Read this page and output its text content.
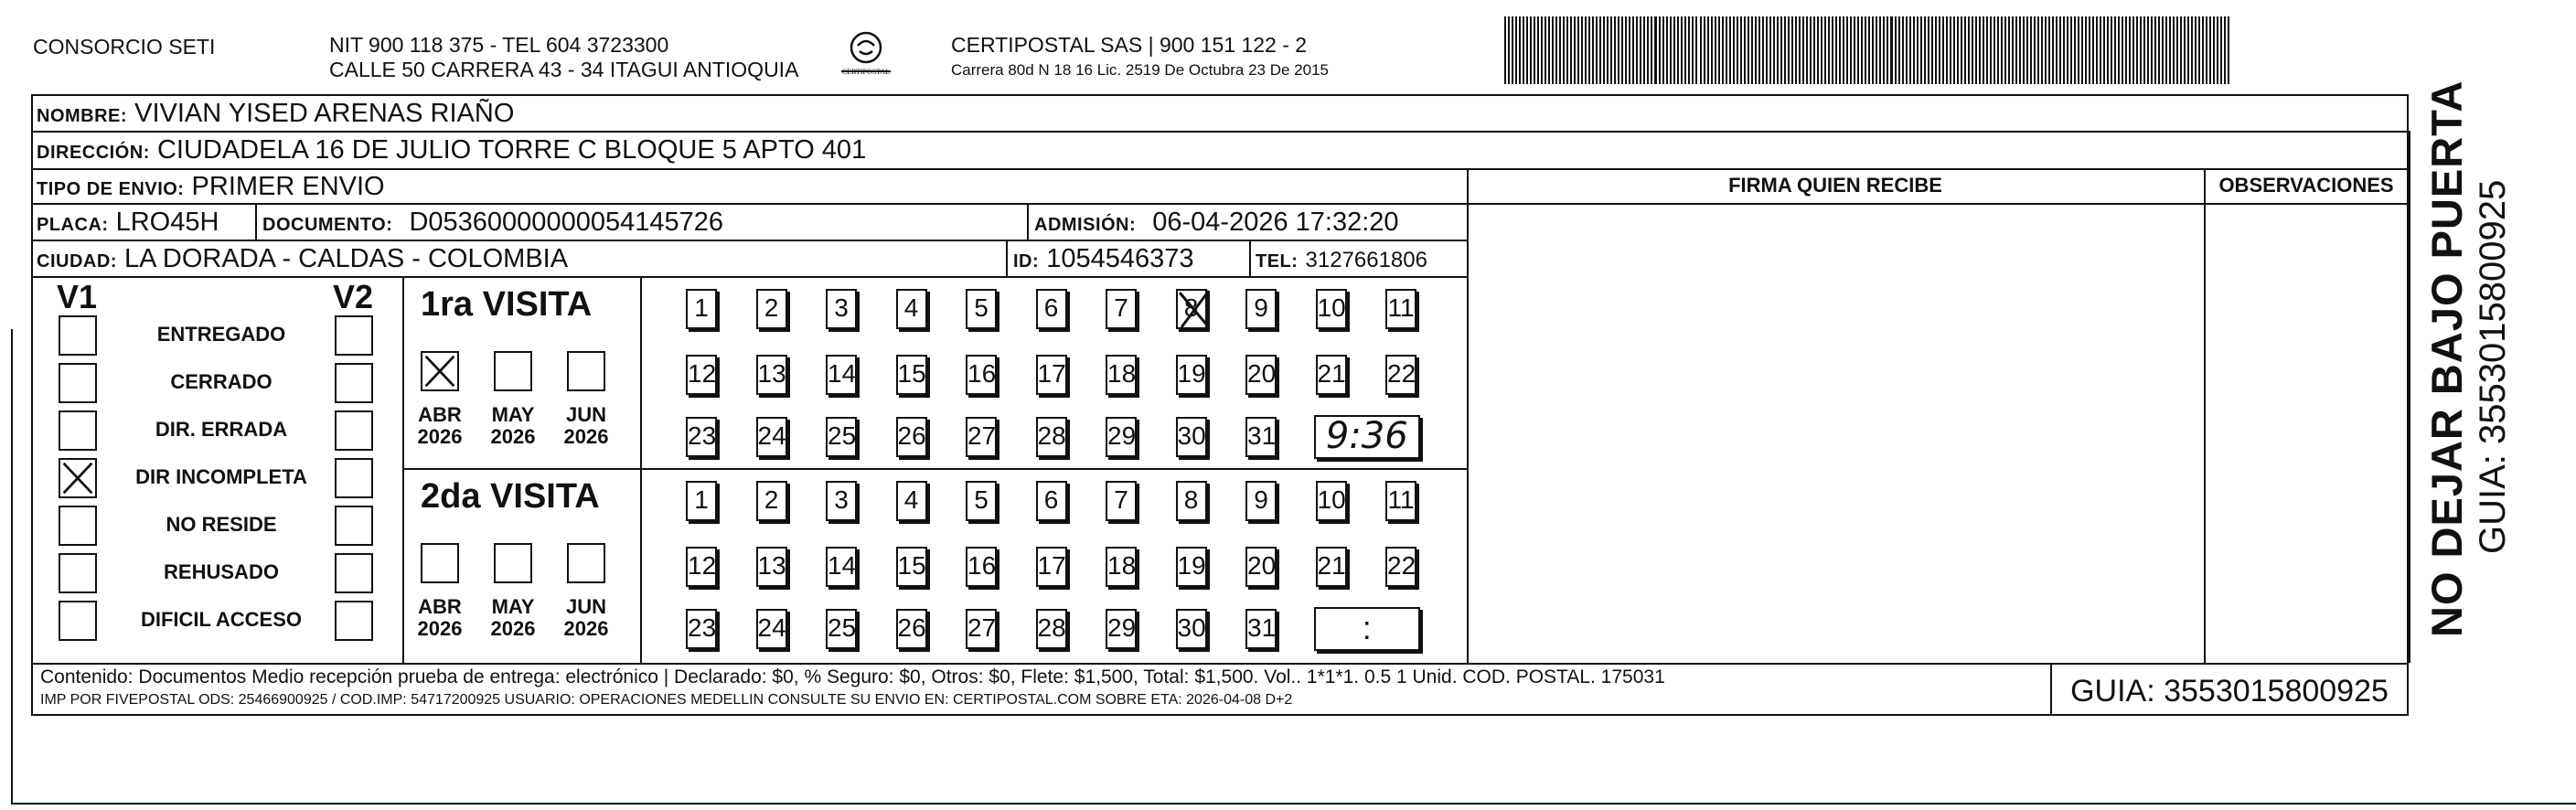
CONSORCIO SETI	NIT 900 118 375 - TEL 604 3723300
CALLE 50 CARRERA 43 - 34 ITAGUI ANTIOQUIA	CERTIPOSTAL
CERTIPOSTAL SAS | 900 151 122 - 2
Carrera 80d N 18 16 Lic. 2519 De Octubra 23 De 2015
NOMBRE: VIVIAN YISED ARENAS RIAÑO
DIRECCIÓN: CIUDADELA 16 DE JULIO TORRE C BLOQUE 5 APTO 401
TIPO DE ENVIO: PRIMER ENVIO
PLACA: LRO45H DOCUMENTO: D05360000000054145726	ADMISIÓN: 06-04-2026 17:32:20
CIUDAD: LA DORADA - CALDAS - COLOMBIA	ID: 1054546373	TEL: 3127661806
FIRMA QUIEN RECIBE	OBSERVACIONES
V1	V2
ENTREGADO
CERRADO
DIR. ERRADA
DIR INCOMPLETA
NO RESIDE
REHUSADO
DIFICIL ACCESO
1ra VISITA
ABR
2026
MAY
2026
JUN
2026
1	2	3	4	5	6	7	8	9	10 11
12 13 14 15 16 17 18 19 20 21 22
23 24 25 26 27 28 29 30 31	9:36
2da VISITA
ABR
2026
MAY
2026
JUN
2026
1	2	3	4	5	6	7	8	9	10 11
12 13 14 15 16 17 18 19 20 21 22
23 24 25 26 27 28 29 30 31	:
Contenido: Documentos Medio recepción prueba de entrega: electrónico | Declarado: $0, % Seguro: $0, Otros: $0, Flete: $1,500, Total: $1,500. Vol.. 1*1*1. 0.5 1 Unid. COD. POSTAL. 175031
IMP POR FIVEPOSTAL ODS: 25466900925 / COD.IMP: 54717200925 USUARIO: OPERACIONES MEDELLIN CONSULTE SU ENVIO EN: CERTIPOSTAL.COM SOBRE ETA: 2026-04-08 D+2	GUIA: 3553015800925
NO DEJAR BAJO PUERTA GUIA: 3553015800925
